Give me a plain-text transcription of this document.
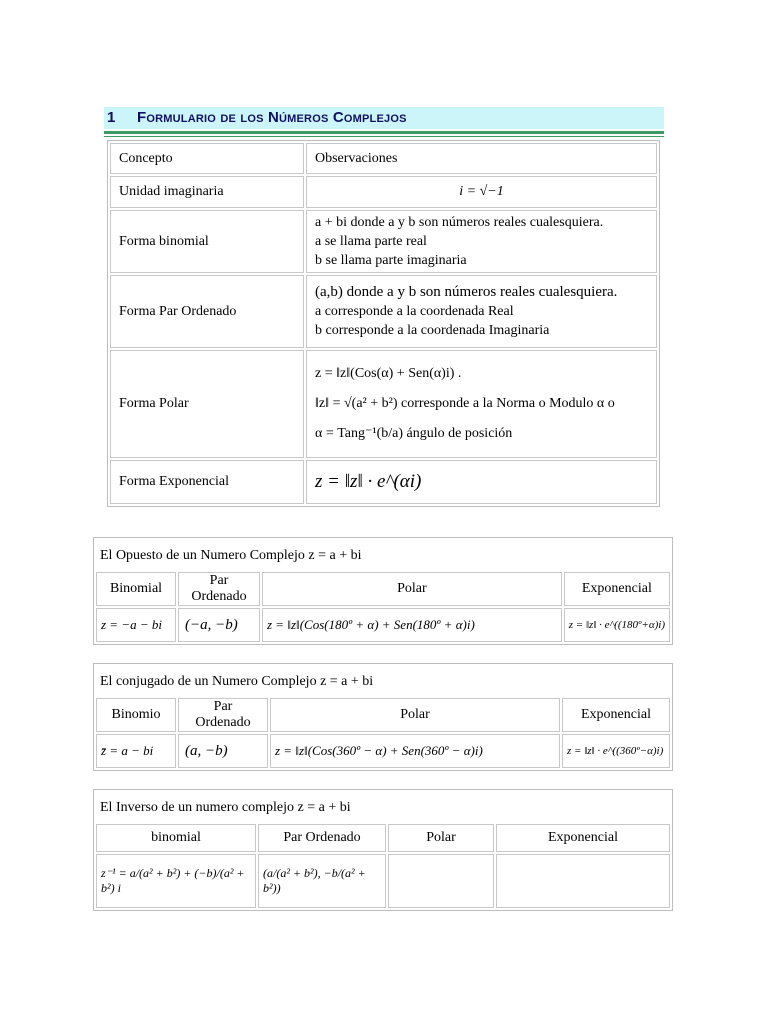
1 Formulario de los Números Complejos
Concepto	Observaciones
Unidad imaginaria	i = √−1
Forma binomial	a + bi donde a y b son números reales cualesquiera.
a se llama parte real
b se llama parte imaginaria

Forma Par Ordenado	(a,b) donde a y b son números reales cualesquiera.
a corresponde a la coordenada Real
b corresponde a la coordenada Imaginaria

Forma Polar	z = ‖z‖(Cos(α) + Sen(α)i) .
‖z‖ = √(a² + b²) corresponde a la Norma o Modulo α o
α = Tang⁻¹(b/a) ángulo de posición

Forma Exponencial	z = ‖z‖ · e^(αi)
El Opuesto de un Numero Complejo z = a + bi			
Binomial	Par Ordenado	Polar	Exponencial
z = −a − bi	(−a, −b)	z = ‖z‖(Cos(180º + α) + Sen(180º + α)i)	z = ‖z‖ · e^((180º+α)i)
El conjugado de un Numero Complejo z = a + bi			
Binomio	Par Ordenado	Polar	Exponencial
z̄ = a − bi	(a, −b)	z = ‖z‖(Cos(360º − α) + Sen(360º − α)i)	z = ‖z‖ · e^((360º−α)i)
El Inverso de un numero complejo z = a + bi			
binomial	Par Ordenado	Polar	Exponencial
z⁻¹ = a/(a² + b²) + (−b)/(a² + b²) i	(a/(a² + b²), −b/(a² + b²))		
